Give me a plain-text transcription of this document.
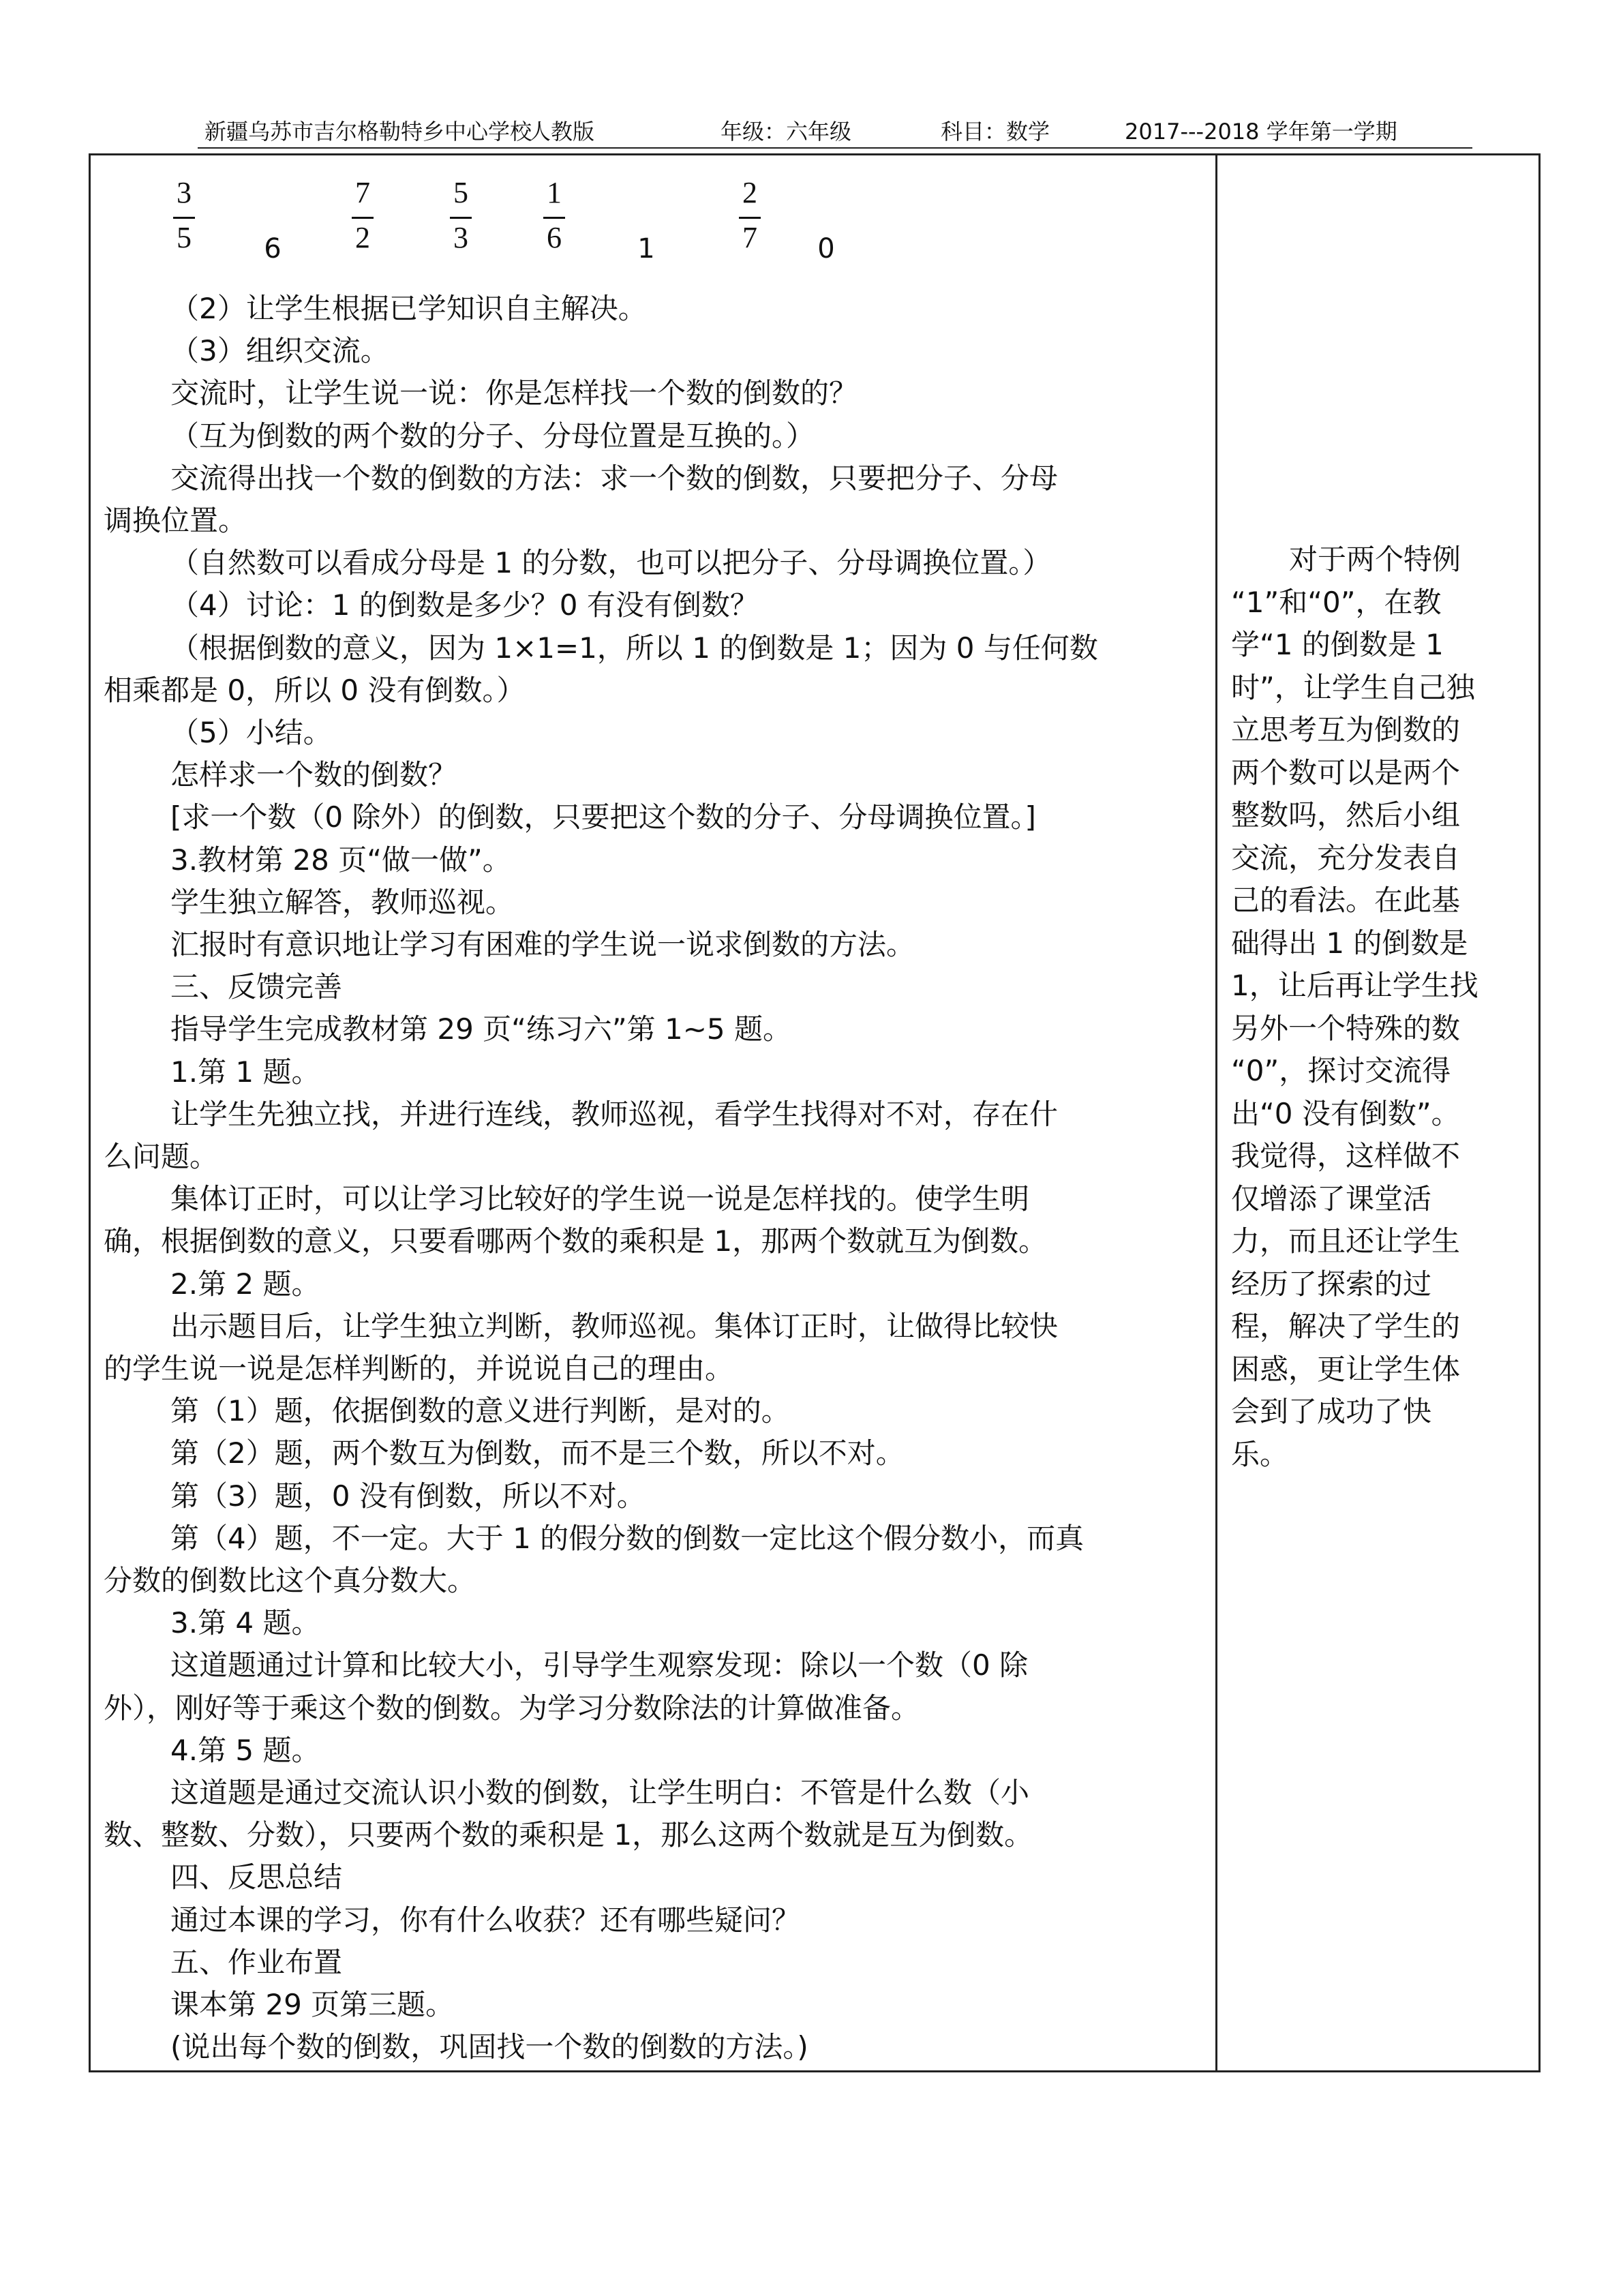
新疆乌苏市吉尔格勒特乡中心学校
人教版	年级：六年级	科目：数学	2017---2018 学年第一学期
3
5	6
7
2
5
3
1
6	1
2
7	0
（2）让学生根据已学知识自主解决。
（3）组织交流。
交流时，让学生说一说：你是怎样找一个数的倒数的？
（互为倒数的两个数的分子、分母位置是互换的。）
交流得出找一个数的倒数的方法：求一个数的倒数，只要把分子、分母
调换位置。
（自然数可以看成分母是 1 的分数，也可以把分子、分母调换位置。）
（4）讨论：1 的倒数是多少？0 有没有倒数？
（根据倒数的意义，因为 1×1=1，所以 1 的倒数是 1；因为 0 与任何数
相乘都是 0，所以 0 没有倒数。）
（5）小结。
怎样求一个数的倒数？
[求一个数（0 除外）的倒数，只要把这个数的分子、分母调换位置。]
3.教材第 28 页“做一做”。
学生独立解答，教师巡视。
汇报时有意识地让学习有困难的学生说一说求倒数的方法。
三、反馈完善
指导学生完成教材第 29 页“练习六”第 1~5 题。
1.第 1 题。
让学生先独立找，并进行连线，教师巡视，看学生找得对不对，存在什
么问题。
集体订正时，可以让学习比较好的学生说一说是怎样找的。使学生明
确，根据倒数的意义，只要看哪两个数的乘积是 1，那两个数就互为倒数。
2.第 2 题。
出示题目后，让学生独立判断，教师巡视。集体订正时，让做得比较快
的学生说一说是怎样判断的，并说说自己的理由。
第（1）题，依据倒数的意义进行判断，是对的。
第（2）题，两个数互为倒数，而不是三个数，所以不对。
第（3）题，0 没有倒数，所以不对。
第（4）题，不一定。大于 1 的假分数的倒数一定比这个假分数小，而真
分数的倒数比这个真分数大。
3.第 4 题。
这道题通过计算和比较大小，引导学生观察发现：除以一个数（0 除
外），刚好等于乘这个数的倒数。为学习分数除法的计算做准备。
4.第 5 题。
这道题是通过交流认识小数的倒数，让学生明白：不管是什么数（小
数、整数、分数），只要两个数的乘积是 1，那么这两个数就是互为倒数。
四、反思总结
通过本课的学习，你有什么收获？还有哪些疑问？
五、作业布置
课本第 29 页第三题。
(说出每个数的倒数，巩固找一个数的倒数的方法。)
对于两个特例
“1”和“0”，在教
学“1 的倒数是 1
时”，让学生自己独
立思考互为倒数的
两个数可以是两个
整数吗，然后小组
交流，充分发表自
己的看法。在此基
础得出 1 的倒数是
1，让后再让学生找
另外一个特殊的数
“0”，探讨交流得
出“0 没有倒数”。
我觉得，这样做不
仅增添了课堂活
力，而且还让学生
经历了探索的过
程，解决了学生的
困惑，更让学生体
会到了成功了快
乐。
